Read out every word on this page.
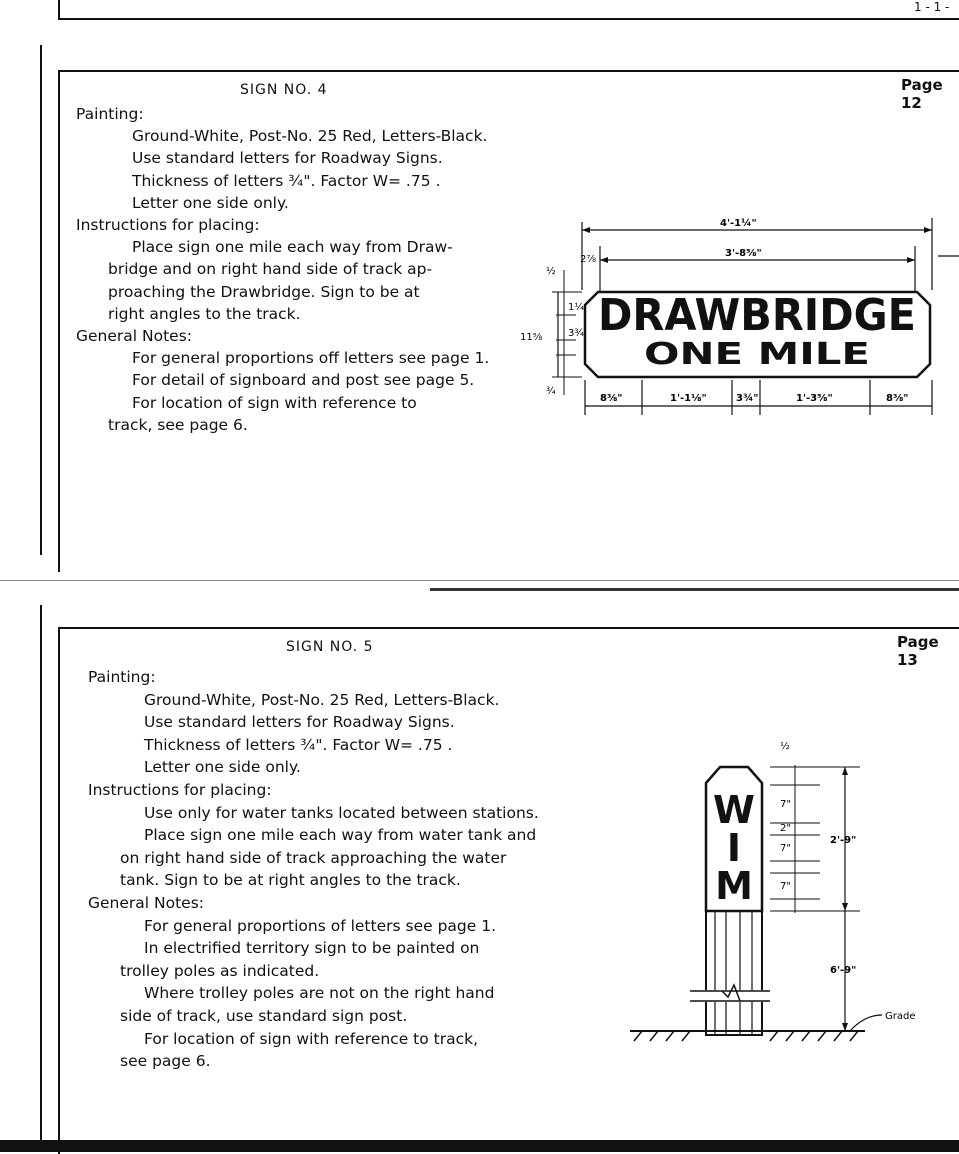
1 - 1 -
SIGN NO. 4	Page 12
Painting:
Ground-White, Post-No. 25 Red, Letters-Black.
Use standard letters for Roadway Signs.
Thickness of letters ¾". Factor W= .75 .
Letter one side only.
Instructions for placing:
Place sign one mile each way from Draw-
bridge and on right hand side of track ap-
proaching the Drawbridge. Sign to be at
right angles to the track.
General Notes:
For general proportions off letters see page 1.
For detail of signboard and post see page 5.
For location of sign with reference to
track, see page 6.
4'-1¼"
3'-8⅝"
2⅞
DRAWBRIDGE
ONE MILE
½
1¼
3¾
¾
11⅝
8⅜"	1'-1⅛"	3¾"	1'-3⅝"	8⅜"
SIGN NO. 5	Page 13
Painting:
Ground-White, Post-No. 25 Red, Letters-Black.
Use standard letters for Roadway Signs.
Thickness of letters ¾". Factor W= .75 .
Letter one side only.
Instructions for placing:
Use only for water tanks located between stations.
Place sign one mile each way from water tank and
on right hand side of track approaching the water
tank. Sign to be at right angles to the track.
General Notes:
For general proportions of letters see page 1.
In electrified territory sign to be painted on
trolley poles as indicated.
Where trolley poles are not on the right hand
side of track, use standard sign post.
For location of sign with reference to track,
see page 6.
W
I
M
½
7"
2"
7"
7"
2'-9"
6'-9"
Grade
